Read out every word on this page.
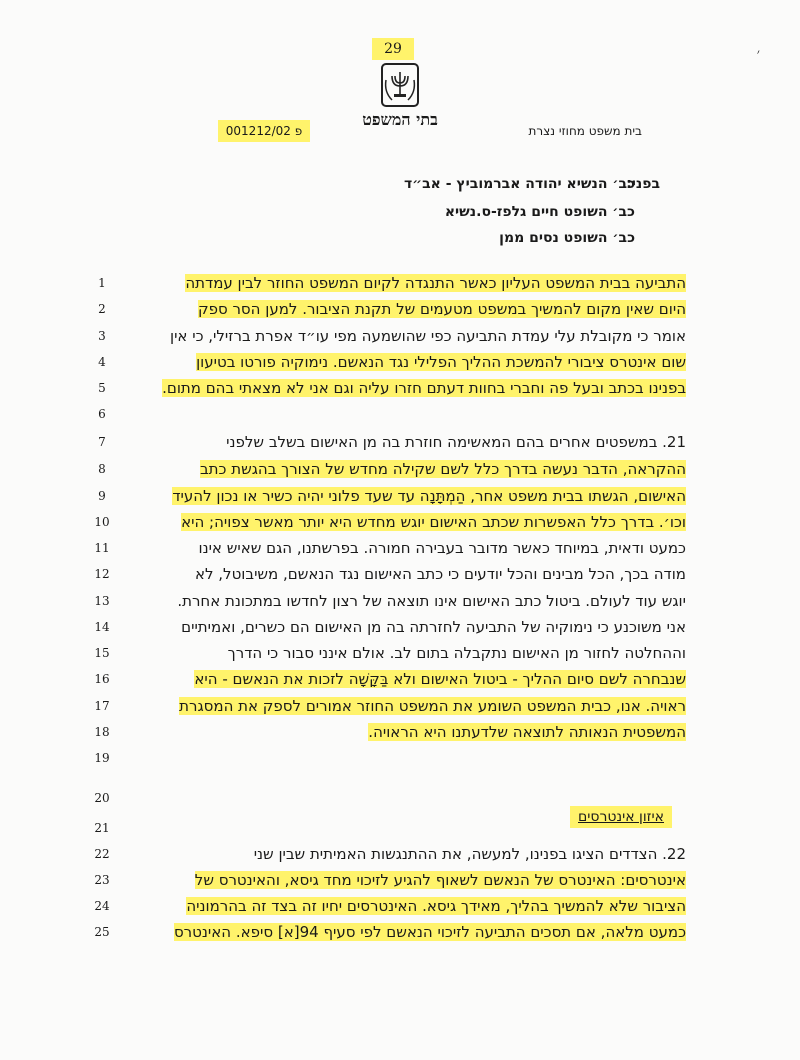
׳
29
בתי המשפט
בית משפט מחוזי נצרת
001212/02 פ
בפני:
כב׳ הנשיא יהודה אברמוביץ - אב״ד
כב׳ השופט חיים גלפז-ס.נשיא
כב׳ השופט נסים ממן
איזון אינטרסים
1	התביעה בבית המשפט העליון כאשר התנגדה לקיום המשפט החוזר לבין עמדתה
2	היום שאין מקום להמשיך במשפט מטעמים של תקנת הציבור. למען הסר ספק
3	אומר כי מקובלת עלי עמדת התביעה כפי שהושמעה מפי עו״ד אפרת ברזילי, כי אין
4	שום אינטרס ציבורי להמשכת ההליך הפלילי נגד הנאשם. נימוקיה פורטו בטיעון
5	בפנינו בכתב ובעל פה וחברי בחוות דעתם חזרו עליה וגם אני לא מצאתי בהם מתום.
6
7	21. במשפטים אחרים בהם המאשימה חוזרת בה מן האישום בשלב שלפני
8	ההקראה, הדבר נעשה בדרך כלל לשם שקילה מחדש של הצורך בהגשת כתב
9	האישום, הגשתו בבית משפט אחר, הַמְתָּנָה עד שעד פלוני יהיה כשיר או נכון להעיד
10	וכו׳. בדרך כלל האפשרות שכתב האישום יוגש מחדש היא יותר מאשר צפויה; היא
11	כמעט ודאית, במיוחד כאשר מדובר בעבירה חמורה. בפרשתנו, הגם שאיש אינו
12	מודה בכך, הכל מבינים והכל יודעים כי כתב האישום נגד הנאשם, משיבוטל, לא
13	יוגש עוד לעולם. ביטול כתב האישום אינו תוצאה של רצון לחדשו במתכונת אחרת.
14	אני משוכנע כי נימוקיה של התביעה לחזרתה בה מן האישום הם כשרים, ואמיתיים
15	וההחלטה לחזור מן האישום נתקבלה בתום לב. אולם אינני סבור כי הדרך
16	שנבחרה לשם סיום ההליך - ביטול האישום ולא בַּקָּשָׁה לזכות את הנאשם - היא
17	ראויה. אנו, כבית המשפט השומע את המשפט החוזר אמורים לספק את המסגרת
18	המשפטית הנאותה לתוצאה שלדעתנו היא הראויה.
19
20
21
22	22. הצדדים הציגו בפנינו, למעשה, את ההתנגשות האמיתית שבין שני
23	אינטרסים: האינטרס של הנאשם לשאוף להגיע לזיכוי מחד גיסא, והאינטרס של
24	הציבור שלא להמשיך בהליך, מאידך גיסא. האינטרסים יחיו זה בצד זה בהרמוניה
25	כמעט מלאה, אם תסכים התביעה לזיכוי הנאשם לפי סעיף 94[א] סיפא. האינטרס
